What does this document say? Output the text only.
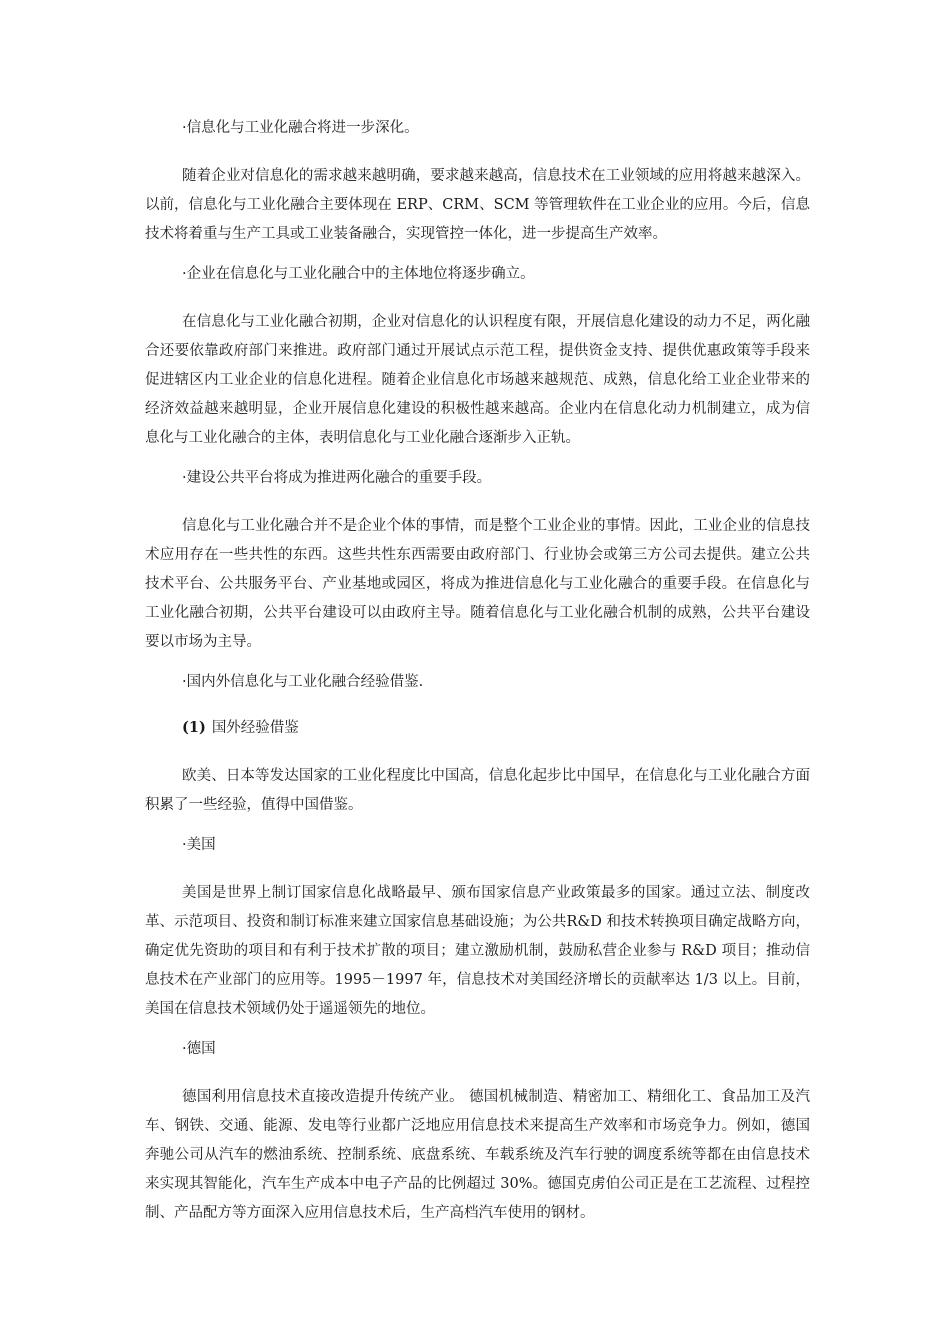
·信息化与工业化融合将进一步深化。
随着企业对信息化的需求越来越明确，要求越来越高，信息技术在工业领域的应用将越来越深入。以前，信息化与工业化融合主要体现在 ERP、CRM、SCM 等管理软件在工业企业的应用。今后，信息技术将着重与生产工具或工业装备融合，实现管控一体化，进一步提高生产效率。
·企业在信息化与工业化融合中的主体地位将逐步确立。
在信息化与工业化融合初期，企业对信息化的认识程度有限，开展信息化建设的动力不足，两化融合还要依靠政府部门来推进。政府部门通过开展试点示范工程，提供资金支持、提供优惠政策等手段来促进辖区内工业企业的信息化进程。随着企业信息化市场越来越规范、成熟，信息化给工业企业带来的经济效益越来越明显，企业开展信息化建设的积极性越来越高。企业内在信息化动力机制建立，成为信息化与工业化融合的主体，表明信息化与工业化融合逐渐步入正轨。
·建设公共平台将成为推进两化融合的重要手段。
信息化与工业化融合并不是企业个体的事情，而是整个工业企业的事情。因此，工业企业的信息技术应用存在一些共性的东西。这些共性东西需要由政府部门、行业协会或第三方公司去提供。建立公共技术平台、公共服务平台、产业基地或园区，将成为推进信息化与工业化融合的重要手段。在信息化与工业化融合初期，公共平台建设可以由政府主导。随着信息化与工业化融合机制的成熟，公共平台建设要以市场为主导。
·国内外信息化与工业化融合经验借鉴.
(1) 国外经验借鉴
欧美、日本等发达国家的工业化程度比中国高，信息化起步比中国早，在信息化与工业化融合方面积累了一些经验，值得中国借鉴。
·美国
美国是世界上制订国家信息化战略最早、颁布国家信息产业政策最多的国家。通过立法、制度改革、示范项目、投资和制订标准来建立国家信息基础设施；为公共R&D 和技术转换项目确定战略方向，确定优先资助的项目和有利于技术扩散的项目；建立激励机制，鼓励私营企业参与 R&D 项目；推动信息技术在产业部门的应用等。1995－1997 年，信息技术对美国经济增长的贡献率达 1/3 以上。目前，美国在信息技术领域仍处于遥遥领先的地位。
·德国
德国利用信息技术直接改造提升传统产业。 德国机械制造、精密加工、精细化工、食品加工及汽车、钢铁、交通、能源、发电等行业都广泛地应用信息技术来提高生产效率和市场竞争力。例如，德国奔驰公司从汽车的燃油系统、控制系统、底盘系统、车载系统及汽车行驶的调度系统等都在由信息技术来实现其智能化，汽车生产成本中电子产品的比例超过 30%。德国克虏伯公司正是在工艺流程、过程控制、产品配方等方面深入应用信息技术后，生产高档汽车使用的钢材。
